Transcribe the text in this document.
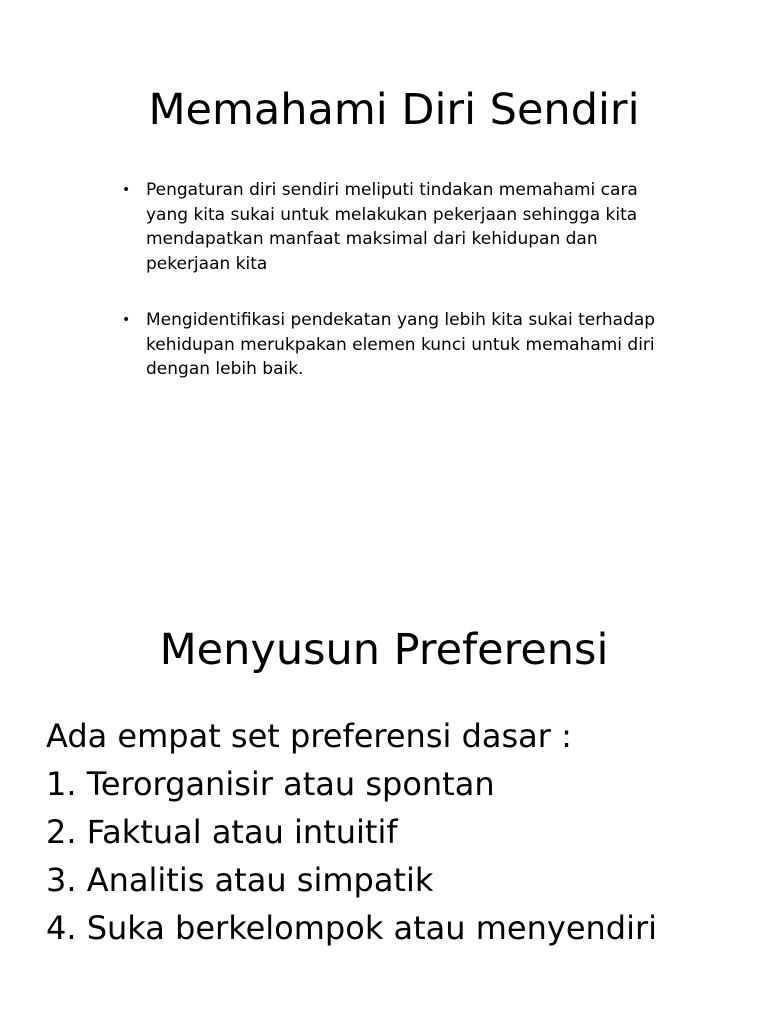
Memahami Diri Sendiri
• Pengaturan diri sendiri meliputi tindakan memahami cara yang kita sukai untuk melakukan pekerjaan sehingga kita mendapatkan manfaat maksimal dari kehidupan dan pekerjaan kita
• Mengidentifikasi pendekatan yang lebih kita sukai terhadap kehidupan merukpakan elemen kunci untuk memahami diri dengan lebih baik.
Menyusun Preferensi
Ada empat set preferensi dasar :
1. Terorganisir atau spontan
2. Faktual atau intuitif
3. Analitis atau simpatik
4. Suka berkelompok atau menyendiri
